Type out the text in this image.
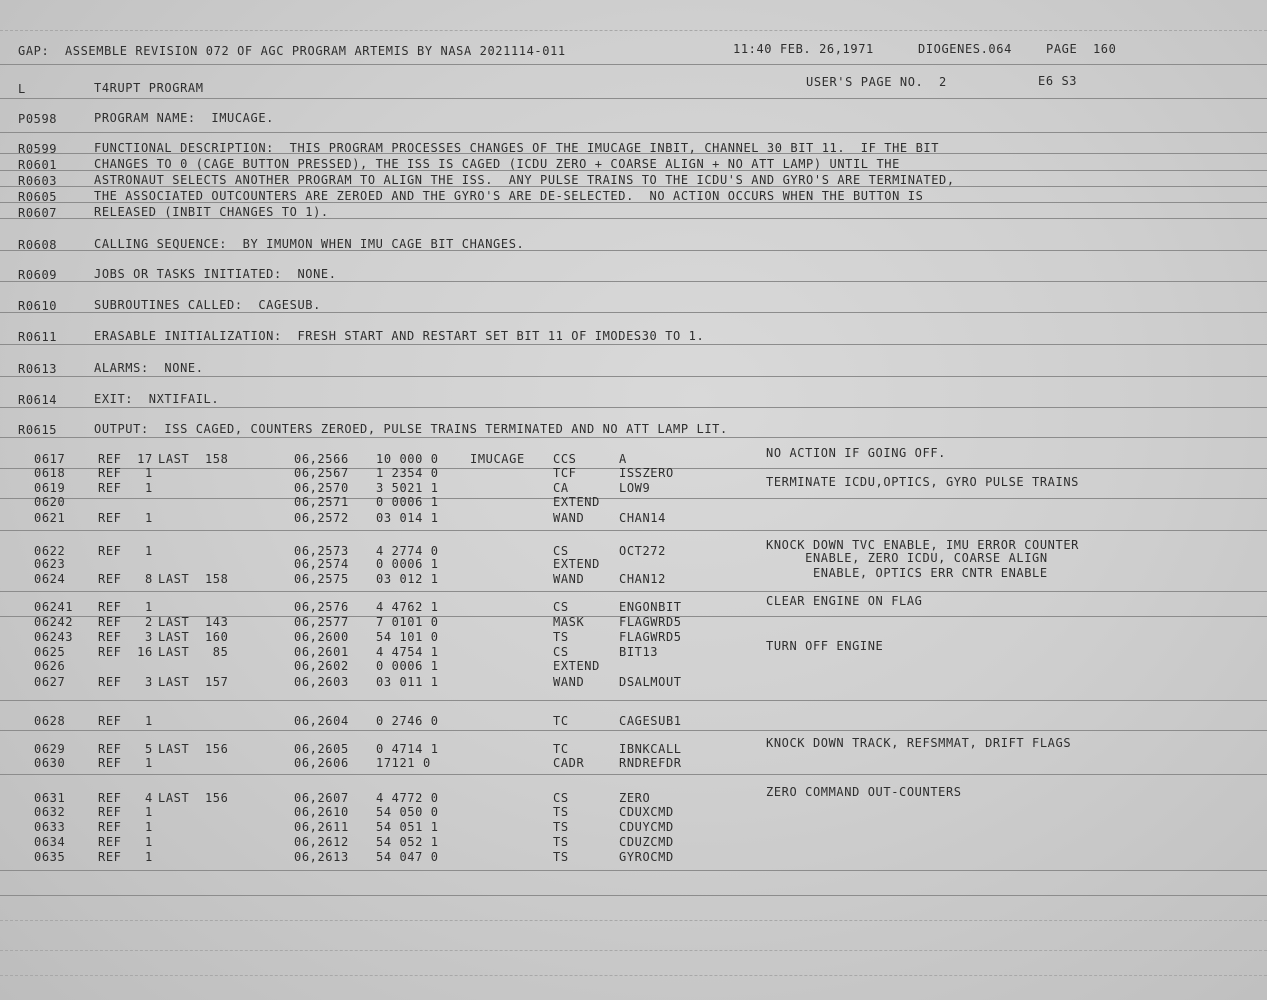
GAP:  ASSEMBLE REVISION 072 OF AGC PROGRAM ARTEMIS BY NASA 2021114-011	11:40 FEB. 26,1971	DIOGENES.064	PAGE  160
L	T4RUPT PROGRAM	USER'S PAGE NO.  2	E6 S3
P0598	PROGRAM NAME:  IMUCAGE.
R0599	FUNCTIONAL DESCRIPTION:  THIS PROGRAM PROCESSES CHANGES OF THE IMUCAGE INBIT, CHANNEL 30 BIT 11.  IF THE BIT
R0601	CHANGES TO 0 (CAGE BUTTON PRESSED), THE ISS IS CAGED (ICDU ZERO + COARSE ALIGN + NO ATT LAMP) UNTIL THE
R0603	ASTRONAUT SELECTS ANOTHER PROGRAM TO ALIGN THE ISS.  ANY PULSE TRAINS TO THE ICDU'S AND GYRO'S ARE TERMINATED,
R0605	THE ASSOCIATED OUTCOUNTERS ARE ZEROED AND THE GYRO'S ARE DE-SELECTED.  NO ACTION OCCURS WHEN THE BUTTON IS
R0607	RELEASED (INBIT CHANGES TO 1).
R0608	CALLING SEQUENCE:  BY IMUMON WHEN IMU CAGE BIT CHANGES.
R0609	JOBS OR TASKS INITIATED:  NONE.
R0610	SUBROUTINES CALLED:  CAGESUB.
R0611	ERASABLE INITIALIZATION:  FRESH START AND RESTART SET BIT 11 OF IMODES30 TO 1.
R0613	ALARMS:  NONE.
R0614	EXIT:  NXTIFAIL.
R0615	OUTPUT:  ISS CAGED, COUNTERS ZEROED, PULSE TRAINS TERMINATED AND NO ATT LAMP LIT.
0617	REF  17 LAST  158	06,2566 10 000 0	IMUCAGE CCS	A	NO ACTION IF GOING OFF.
0618	REF   1	06,2567 1 2354 0	TCF	ISSZERO
0619	REF   1	06,2570 3 5021 1	CA	LOW9	TERMINATE ICDU,OPTICS, GYRO PULSE TRAINS
0620	06,2571 0 0006 1	EXTEND
0621	REF   1	06,2572 03 014 1	WAND	CHAN14
0622	REF   1	06,2573 4 2774 0	CS	OCT272	KNOCK DOWN TVC ENABLE, IMU ERROR COUNTER
0623	06,2574 0 0006 1	EXTEND	ENABLE, ZERO ICDU, COARSE ALIGN
0624	REF   8 LAST  158	06,2575 03 012 1	WAND	CHAN12	ENABLE, OPTICS ERR CNTR ENABLE
06241 REF   1	06,2576 4 4762 1	CS	ENGONBIT	CLEAR ENGINE ON FLAG
06242 REF   2 LAST  143	06,2577 7 0101 0	MASK	FLAGWRD5
06243 REF   3 LAST  160	06,2600 54 101 0	TS	FLAGWRD5
0625	REF  16 LAST   85	06,2601 4 4754 1	CS	BIT13	TURN OFF ENGINE
0626	06,2602 0 0006 1	EXTEND
0627	REF   3 LAST  157	06,2603 03 011 1	WAND	DSALMOUT
0628	REF   1	06,2604 0 2746 0	TC	CAGESUB1
0629	REF   5 LAST  156	06,2605 0 4714 1	TC	IBNKCALL	KNOCK DOWN TRACK, REFSMMAT, DRIFT FLAGS
0630	REF   1	06,2606 17121 0	CADR	RNDREFDR
0631	REF   4 LAST  156	06,2607 4 4772 0	CS	ZERO	ZERO COMMAND OUT-COUNTERS
0632	REF   1	06,2610 54 050 0	TS	CDUXCMD
0633	REF   1	06,2611 54 051 1	TS	CDUYCMD
0634	REF   1	06,2612 54 052 1	TS	CDUZCMD
0635	REF   1	06,2613 54 047 0	TS	GYROCMD
